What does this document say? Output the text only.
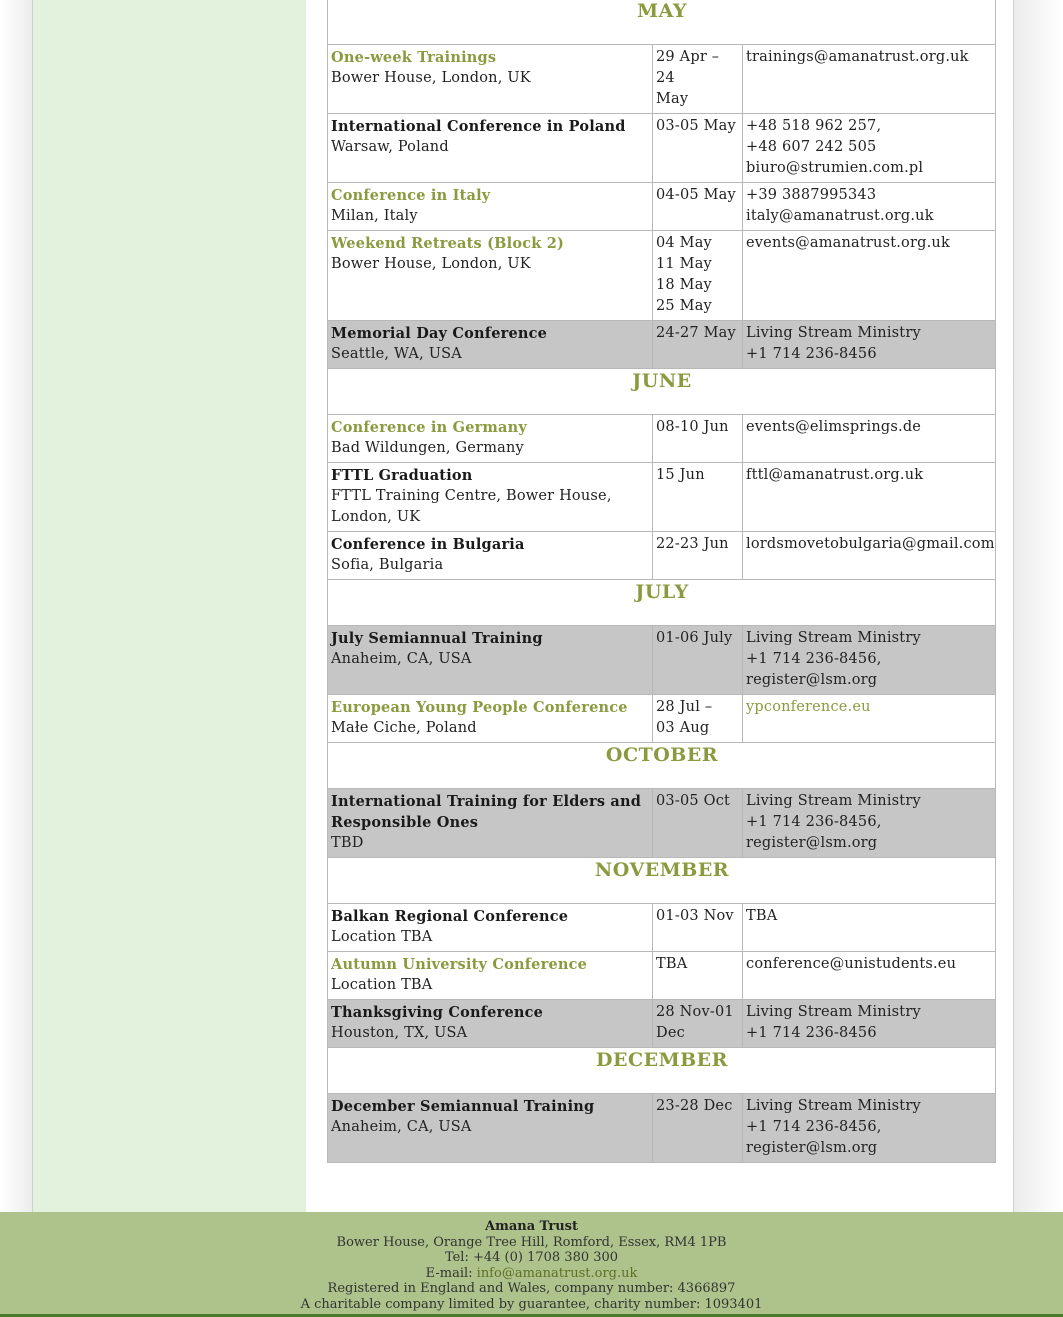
MAY		

One-week Trainings
Bower House, London, UK	29 Apr – 24
May	trainings@amanatrust.org.uk

International Conference in Poland
Warsaw, Poland	03-05 May	+48 518 962 257,
+48 607 242 505
biuro@strumien.com.pl

Conference in Italy
Milan, Italy	04-05 May	+39 3887995343
italy@amanatrust.org.uk

Weekend Retreats (Block 2)
Bower House, London, UK	04 May
11 May
18 May
25 May	events@amanatrust.org.uk

Memorial Day Conference
Seattle, WA, USA	24-27 May	Living Stream Ministry
+1 714 236-8456

JUNE		

Conference in Germany
Bad Wildungen, Germany	08-10 Jun	events@elimsprings.de

FTTL Graduation
FTTL Training Centre, Bower House, London, UK	15 Jun	fttl@amanatrust.org.uk

Conference in Bulgaria
Sofia, Bulgaria	22-23 Jun	lordsmovetobulgaria@gmail.com

JULY		

July Semiannual Training
Anaheim, CA, USA	01-06 July	Living Stream Ministry
+1 714 236-8456,
register@lsm.org

European Young People Conference
Małe Ciche, Poland	28 Jul –
03 Aug	ypconference.eu

OCTOBER		

International Training for Elders and Responsible Ones
TBD	03-05 Oct	Living Stream Ministry
+1 714 236-8456,
register@lsm.org

NOVEMBER		

Balkan Regional Conference
Location TBA	01-03 Nov	TBA

Autumn University Conference
Location TBA	TBA	conference@unistudents.eu

Thanksgiving Conference
Houston, TX, USA	28 Nov-01
Dec	Living Stream Ministry
+1 714 236-8456

DECEMBER		

December Semiannual Training
Anaheim, CA, USA	23-28 Dec	Living Stream Ministry
+1 714 236-8456,
register@lsm.org
Amana Trust
Bower House, Orange Tree Hill, Romford, Essex, RM4 1PB
Tel: +44 (0) 1708 380 300
E-mail: info@amanatrust.org.uk
Registered in England and Wales, company number: 4366897
A charitable company limited by guarantee, charity number: 1093401
